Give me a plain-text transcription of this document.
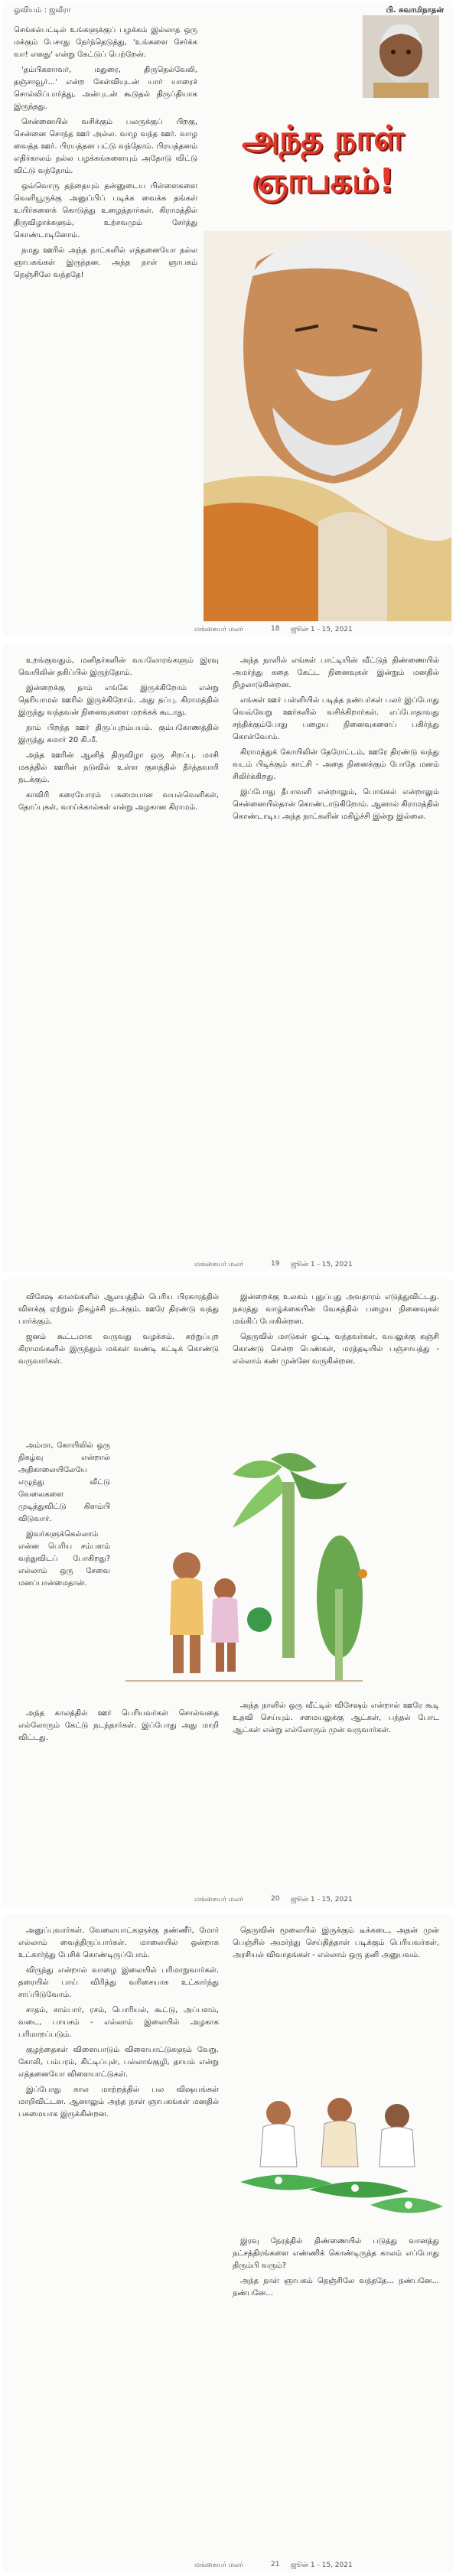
ஓவியம் : ஜவீரா	பி. சுவாமிநாதன்
அந்த நாள் ஞாபகம்!

செங்கல்பட்டில் உங்களுக்குப் பழக்கம் இல்லாத ஒரு மக்கும் பேசாது நேர்ந்தெடுத்து, 'உங்களை சேர்க்க வா! எனது' என்று கேட்டுப் பெற்றேன்.

'தம்பிகளாவர், மதுரை, திருநெல்வேலி, தஞ்சாவூர்...' என்ற கேள்வியுடன் யார் யாரைச் சொல்லிப்பார்த்து, அன்புடன் கூடுதல் திருப்தியாக இருந்தது.

சென்னையில் வசிக்கும் பலருக்குப் பிறகு, சென்னை சொந்த ஊர் அல்ல. வாழ வந்த ஊர். வாழ வைத்த ஊர். பிரயத்தன பட்டு வந்தோம். பிரயத்தனம் எதிர்காலம் நல்ல பழக்கங்களையும் அதோடு விட்டு விட்டு வந்தோம்.

ஒவ்வொரு தந்தையும் தன்னுடைய பிள்ளைகளை வெளியூருக்கு அனுப்பிப் படிக்க வைக்க தங்கள் உயிர்களைக் கொடுத்து உழைத்தார்கள். கிராமத்தில் திருவிழாக்களும், உற்சவமும் சேர்த்து கொண்டாடினோம்.

நமது ஊரில் அந்த நாட்களில் எத்தனையோ நல்ல ஞாபகங்கள் இருந்தன. அந்த நாள் ஞாபகம் நெஞ்சிலே வந்ததே!

மங்கையர் மலர்	18 ஜூன் 1 - 15, 2021

உறங்குவதும், மனிதர்களின் வயலோரங்களும் இரவு வெயிலின் தகிப்பில் இருந்தோம்.

இன்றைக்கு நாம் எங்கே இருக்கிறோம் என்று தெரியாமல் ஊரில் இருக்கிறோம். அது தப்பு. கிராமத்தில் இருந்து வந்தவன் நினைவுகளை மறக்கக் கூடாது.

நாம் பிறந்த ஊர் திருப்புறம்பயம். கும்பகோணத்தில் இருந்து சுமார் 20 கி.மீ.

அந்த ஊரின் ஆனித் திருவிழா ஒரு சிறப்பு. மாசி மகத்தில் ஊரின் நடுவில் உள்ள குளத்தில் தீர்த்தவாரி நடக்கும்.

காவிரி கரையோரம் பசுமையான வயல்வெளிகள், தோப்புகள், வாய்க்கால்கள் என்று அழகான கிராமம்.

அந்த நாளில் எங்கள் பாட்டியின் வீட்டுத் திண்ணையில் அமர்ந்து கதை கேட்ட நினைவுகள் இன்றும் மனதில் நிழலாடுகின்றன.

எங்கள் ஊர் பள்ளியில் படித்த நண்பர்கள் பலர் இப்போது வெவ்வேறு ஊர்களில் வசிக்கிறார்கள். எப்போதாவது சந்திக்கும்போது பழைய நினைவுகளைப் பகிர்ந்து கொள்வோம்.

கிராமத்துக் கோயிலின் தேரோட்டம், ஊரே திரண்டு வந்து வடம் பிடிக்கும் காட்சி - அதை நினைக்கும் போதே மனம் சிலிர்க்கிறது.

இப்போது தீபாவளி என்றாலும், பொங்கல் என்றாலும் சென்னையில்தான் கொண்டாடுகிறோம். ஆனால் கிராமத்தில் கொண்டாடிய அந்த நாட்களின் மகிழ்ச்சி இன்று இல்லை.

மங்கையர் மலர்	19 ஜூன் 1 - 15, 2021

விசேஷ காலங்களில் ஆலயத்தில் பெரிய பிரகாரத்தில் விளக்கு ஏற்றும் நிகழ்ச்சி நடக்கும். ஊரே திரண்டு வந்து பார்க்கும்.

ஜனம் கூட்டமாக வருவது வழக்கம். சுற்றுப்புற கிராமங்களில் இருந்தும் மக்கள் வண்டி கட்டிக் கொண்டு வருவார்கள்.

அம்மா, கோயிலில் ஒரு நிகழ்வு என்றால் அதிகாலையிலேயே எழுந்து வீட்டு வேலைகளை முடித்துவிட்டு கிளம்பி விடுவார்.

இவர்களுக்கெல்லாம் என்ன பெரிய சம்பளம் வந்துவிடப் போகிறது? எல்லாம் ஒரு சேவை மனப்பான்மைதான்.

அந்த காலத்தில் ஊர் பெரியவர்கள் சொல்வதை எல்லோரும் கேட்டு நடந்தார்கள். இப்போது அது மாறி விட்டது.

இன்றைக்கு உலகம் புதுப்புது அவதாரம் எடுத்துவிட்டது. நகரத்து வாழ்க்கையின் வேகத்தில் பழைய நினைவுகள் மங்கிப் போகின்றன.

தெருவில் மாடுகள் ஓட்டி வந்தவர்கள், வயலுக்கு கஞ்சி கொண்டு சென்ற பெண்கள், மரத்தடியில் பஞ்சாயத்து - எல்லாம் கண் முன்னே வருகின்றன.

அந்த நாளில் ஒரு வீட்டில் விசேஷம் என்றால் ஊரே கூடி உதவி செய்யும். சமையலுக்கு ஆட்கள், பந்தல் போட ஆட்கள் என்று எல்லோரும் முன் வருவார்கள்.

மங்கையர் மலர்	20 ஜூன் 1 - 15, 2021

அனுப்புவார்கள். வேலையாட்களுக்கு தண்ணீர், மோர் எல்லாம் வைத்திருப்பார்கள். மாலையில் ஒன்றாக உட்கார்ந்து பேசிக் கொண்டிருப்போம்.

விருந்து என்றால் வாழை இலையில் பரிமாறுவார்கள். தரையில் பாய் விரித்து வரிசையாக உட்கார்ந்து சாப்பிடுவோம்.

சாதம், சாம்பார், ரசம், பொரியல், கூட்டு, அப்பளம், வடை, பாயசம் - எல்லாம் இலையில் அழகாக பரிமாறப்படும்.

குழந்தைகள் விளையாடும் விளையாட்டுகளும் வேறு. கோலி, பம்பரம், கிட்டிப்புள், பல்லாங்குழி, தாயம் என்று எத்தனையோ விளையாட்டுகள்.

இப்போது கால மாற்றத்தில் பல விஷயங்கள் மாறிவிட்டன. ஆனாலும் அந்த நாள் ஞாபகங்கள் மனதில் பசுமையாக இருக்கின்றன.

தெருவின் மூலையில் இருக்கும் டீக்கடை, அதன் முன் பெஞ்சில் அமர்ந்து செய்தித்தாள் படிக்கும் பெரியவர்கள், அரசியல் விவாதங்கள் - எல்லாம் ஒரு தனி அனுபவம்.

இரவு நேரத்தில் திண்ணையில் படுத்து வானத்து நட்சத்திரங்களை எண்ணிக் கொண்டிருந்த காலம் எப்போது திரும்பி வரும்?

அந்த நாள் ஞாபகம் நெஞ்சிலே வந்ததே... நண்பனே... நண்பனே...

மங்கையர் மலர்	21 ஜூன் 1 - 15, 2021
